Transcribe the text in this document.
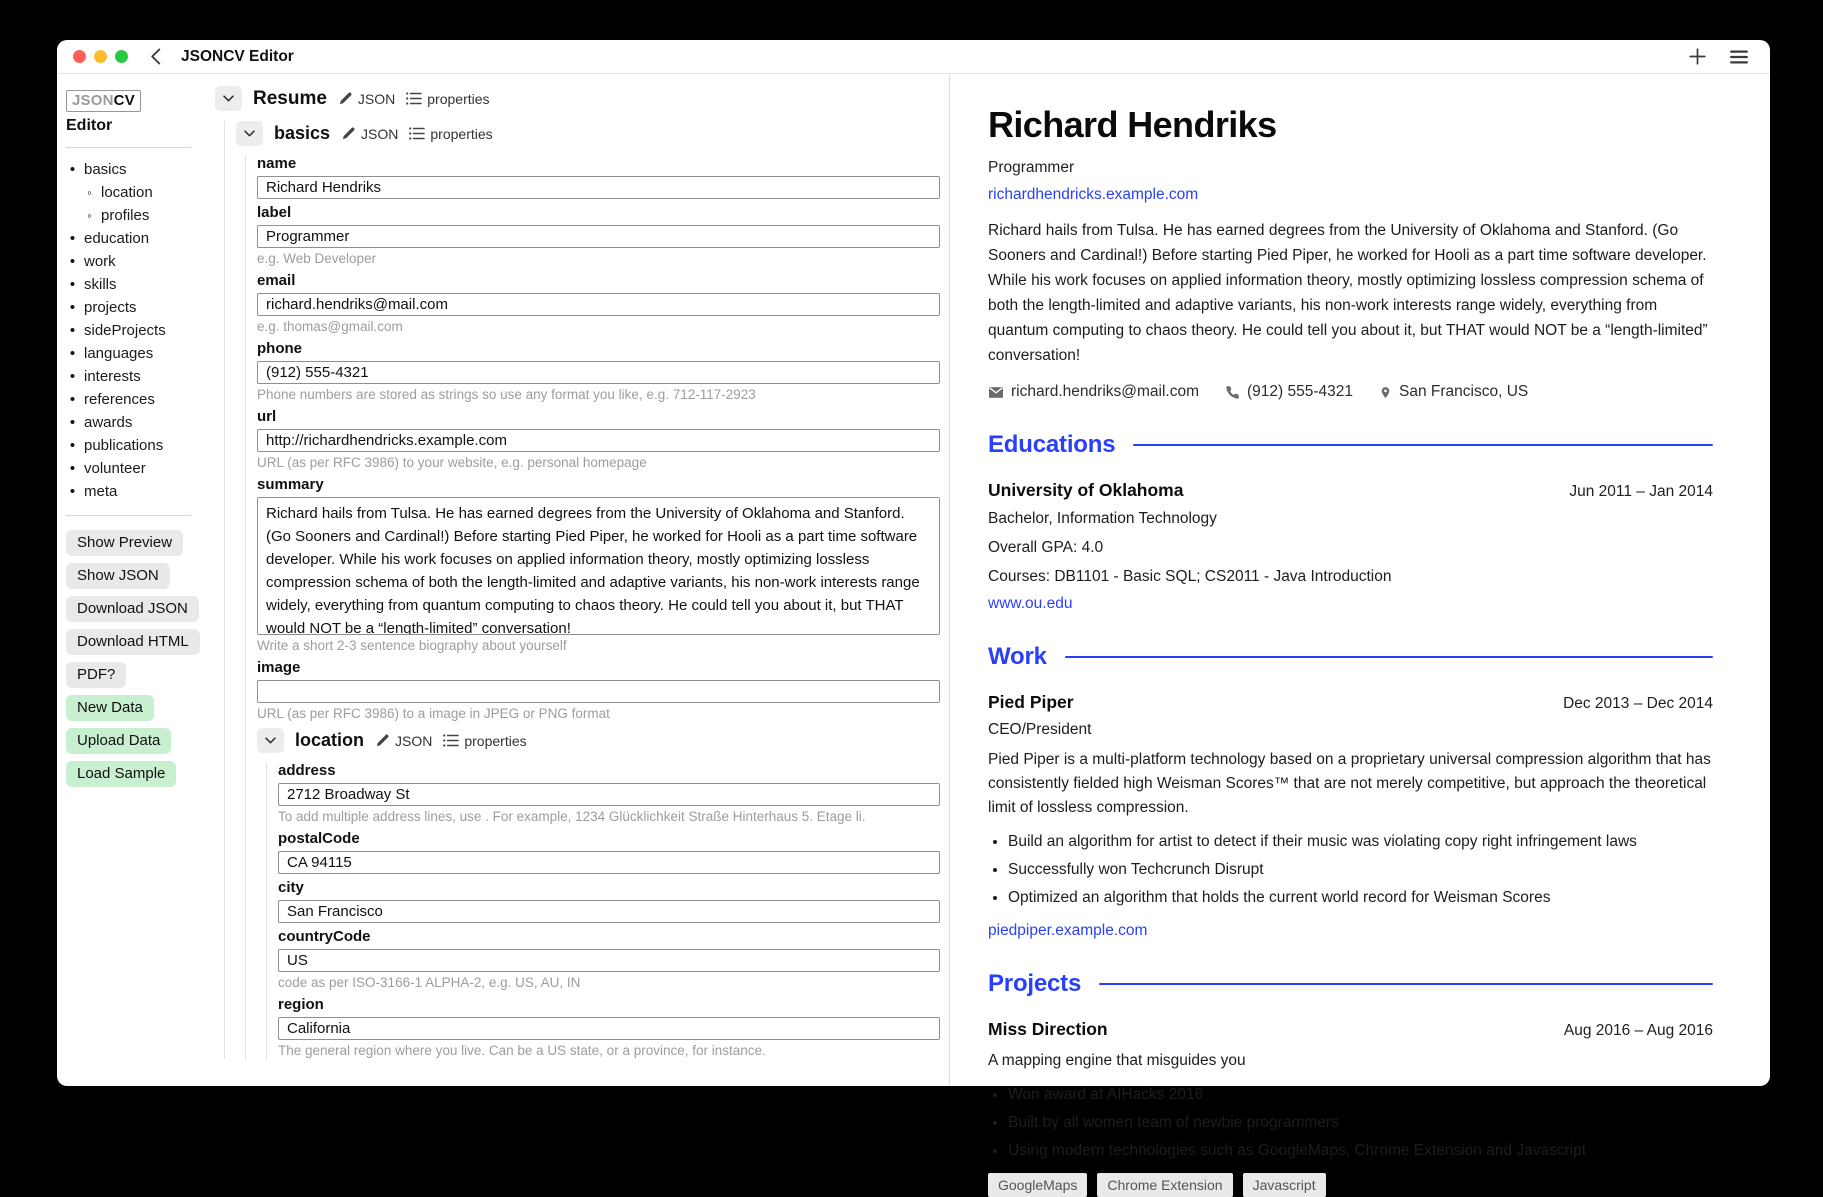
JSONCV Editor
JSONCV
Editor
• basics
◦ location
◦ profiles
• education
• work
• skills
• projects
• sideProjects
• languages
• interests
• references
• awards
• publications
• volunteer
• meta
Show Preview
Show JSON
Download JSON
Download HTML
PDF?
New Data
Upload Data
Load Sample
Resume JSON properties
basics JSON properties
name
Richard Hendriks
label
Programmer
e.g. Web Developer
email
richard.hendriks@mail.com
e.g. thomas@gmail.com
phone
(912) 555-4321
Phone numbers are stored as strings so use any format you like, e.g. 712-117-2923
url
http://richardhendricks.example.com
URL (as per RFC 3986) to your website, e.g. personal homepage
summary
Richard hails from Tulsa. He has earned degrees from the University of Oklahoma and Stanford. (Go Sooners and Cardinal!) Before starting Pied Piper, he worked for Hooli as a part time software developer. While his work focuses on applied information theory, mostly optimizing lossless compression schema of both the length-limited and adaptive variants, his non-work interests range widely, everything from quantum computing to chaos theory. He could tell you about it, but THAT would NOT be a “length-limited” conversation!
Write a short 2-3 sentence biography about yourself
image
URL (as per RFC 3986) to a image in JPEG or PNG format
location JSON properties
address
2712 Broadway St
To add multiple address lines, use . For example, 1234 Glücklichkeit Straße Hinterhaus 5. Etage li.
postalCode
CA 94115
city
San Francisco
countryCode
US
code as per ISO-3166-1 ALPHA-2, e.g. US, AU, IN
region
California
The general region where you live. Can be a US state, or a province, for instance.
Richard Hendriks
Programmer
richardhendricks.example.com

Richard hails from Tulsa. He has earned degrees from the University of Oklahoma and Stanford. (Go Sooners and Cardinal!) Before starting Pied Piper, he worked for Hooli as a part time software developer. While his work focuses on applied information theory, mostly optimizing lossless compression schema of both the length-limited and adaptive variants, his non-work interests range widely, everything from quantum computing to chaos theory. He could tell you about it, but THAT would NOT be a “length-limited” conversation!

richard.hendriks@mail.com	(912) 555-4321	San Francisco, US
Educations
University of Oklahoma	Jun 2011 – Jan 2014
Bachelor, Information Technology
Overall GPA: 4.0
Courses: DB1101 - Basic SQL; CS2011 - Java Introduction
www.ou.edu
Work
Pied Piper	Dec 2013 – Dec 2014
CEO/President

Pied Piper is a multi-platform technology based on a proprietary universal compression algorithm that has consistently fielded high Weisman Scores™ that are not merely competitive, but approach the theoretical limit of lossless compression.

• Build an algorithm for artist to detect if their music was violating copy right infringement laws
• Successfully won Techcrunch Disrupt
• Optimized an algorithm that holds the current world record for Weisman Scores
piedpiper.example.com
Projects
Miss Direction	Aug 2016 – Aug 2016

A mapping engine that misguides you

• Won award at AIHacks 2016
• Built by all women team of newbie programmers
• Using modern technologies such as GoogleMaps, Chrome Extension and Javascript
GoogleMaps	Chrome Extension	Javascript
